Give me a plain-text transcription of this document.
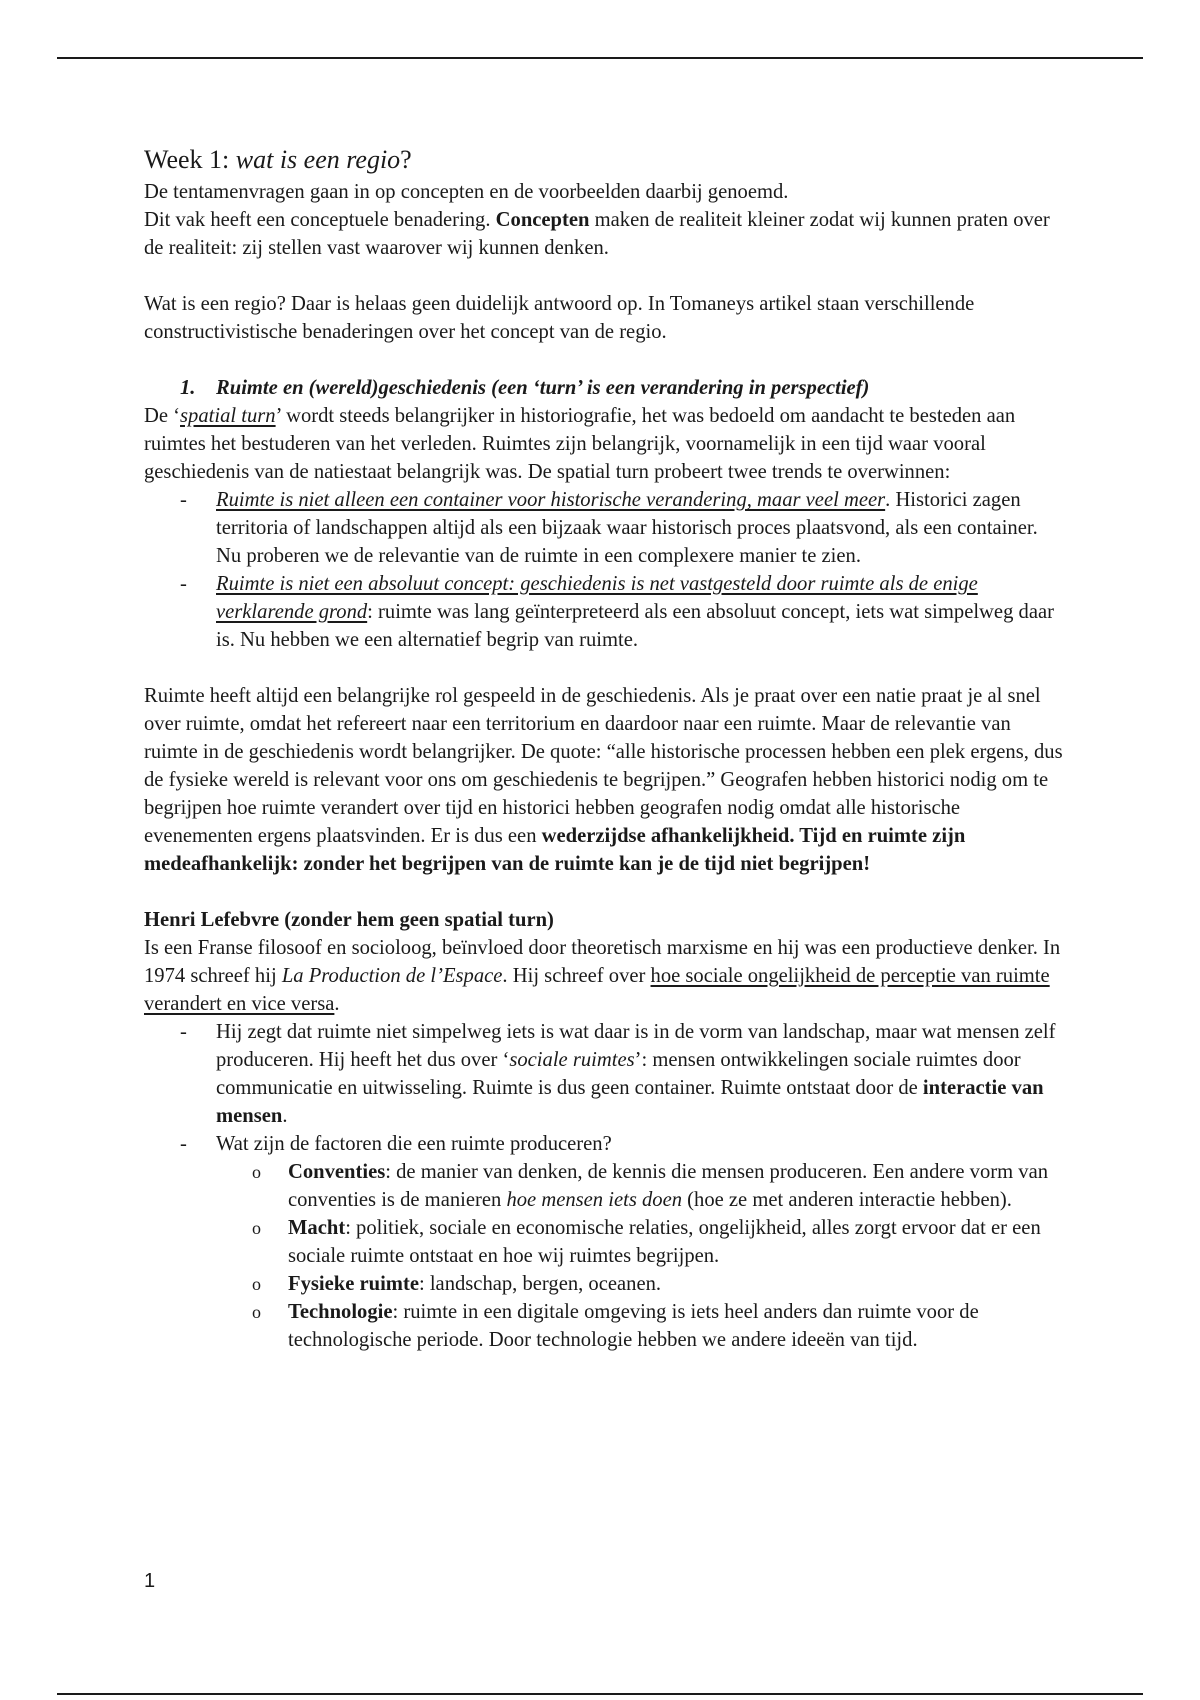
Week 1: wat is een regio?

De tentamenvragen gaan in op concepten en de voorbeelden daarbij genoemd.

Dit vak heeft een conceptuele benadering. Concepten maken de realiteit kleiner zodat wij kunnen praten over de realiteit: zij stellen vast waarover wij kunnen denken.

Wat is een regio? Daar is helaas geen duidelijk antwoord op. In Tomaneys artikel staan verschillende constructivistische benaderingen over het concept van de regio.

1. Ruimte en (wereld)geschiedenis (een ‘turn’ is een verandering in perspectief)

De ‘spatial turn’ wordt steeds belangrijker in historiografie, het was bedoeld om aandacht te besteden aan ruimtes het bestuderen van het verleden. Ruimtes zijn belangrijk, voornamelijk in een tijd waar vooral geschiedenis van de natiestaat belangrijk was. De spatial turn probeert twee trends te overwinnen:

- Ruimte is niet alleen een container voor historische verandering, maar veel meer. Historici zagen territoria of landschappen altijd als een bijzaak waar historisch proces plaatsvond, als een container. Nu proberen we de relevantie van de ruimte in een complexere manier te zien.
- Ruimte is niet een absoluut concept: geschiedenis is net vastgesteld door ruimte als de enige verklarende grond: ruimte was lang geïnterpreteerd als een absoluut concept, iets wat simpelweg daar is. Nu hebben we een alternatief begrip van ruimte.

Ruimte heeft altijd een belangrijke rol gespeeld in de geschiedenis. Als je praat over een natie praat je al snel over ruimte, omdat het refereert naar een territorium en daardoor naar een ruimte. Maar de relevantie van ruimte in de geschiedenis wordt belangrijker. De quote: “alle historische processen hebben een plek ergens, dus de fysieke wereld is relevant voor ons om geschiedenis te begrijpen.” Geografen hebben historici nodig om te begrijpen hoe ruimte verandert over tijd en historici hebben geografen nodig omdat alle historische evenementen ergens plaatsvinden. Er is dus een wederzijdse afhankelijkheid. Tijd en ruimte zijn medeafhankelijk: zonder het begrijpen van de ruimte kan je de tijd niet begrijpen!

Henri Lefebvre (zonder hem geen spatial turn)

Is een Franse filosoof en socioloog, beïnvloed door theoretisch marxisme en hij was een productieve denker. In 1974 schreef hij La Production de l’Espace. Hij schreef over hoe sociale ongelijkheid de perceptie van ruimte verandert en vice versa.

- Hij zegt dat ruimte niet simpelweg iets is wat daar is in de vorm van landschap, maar wat mensen zelf produceren. Hij heeft het dus over ‘sociale ruimtes’: mensen ontwikkelingen sociale ruimtes door communicatie en uitwisseling. Ruimte is dus geen container. Ruimte ontstaat door de interactie van mensen.
- Wat zijn de factoren die een ruimte produceren?
o Conventies: de manier van denken, de kennis die mensen produceren. Een andere vorm van conventies is de manieren hoe mensen iets doen (hoe ze met anderen interactie hebben).
o Macht: politiek, sociale en economische relaties, ongelijkheid, alles zorgt ervoor dat er een sociale ruimte ontstaat en hoe wij ruimtes begrijpen.
o Fysieke ruimte: landschap, bergen, oceanen.
o Technologie: ruimte in een digitale omgeving is iets heel anders dan ruimte voor de technologische periode. Door technologie hebben we andere ideeën van tijd.
1
